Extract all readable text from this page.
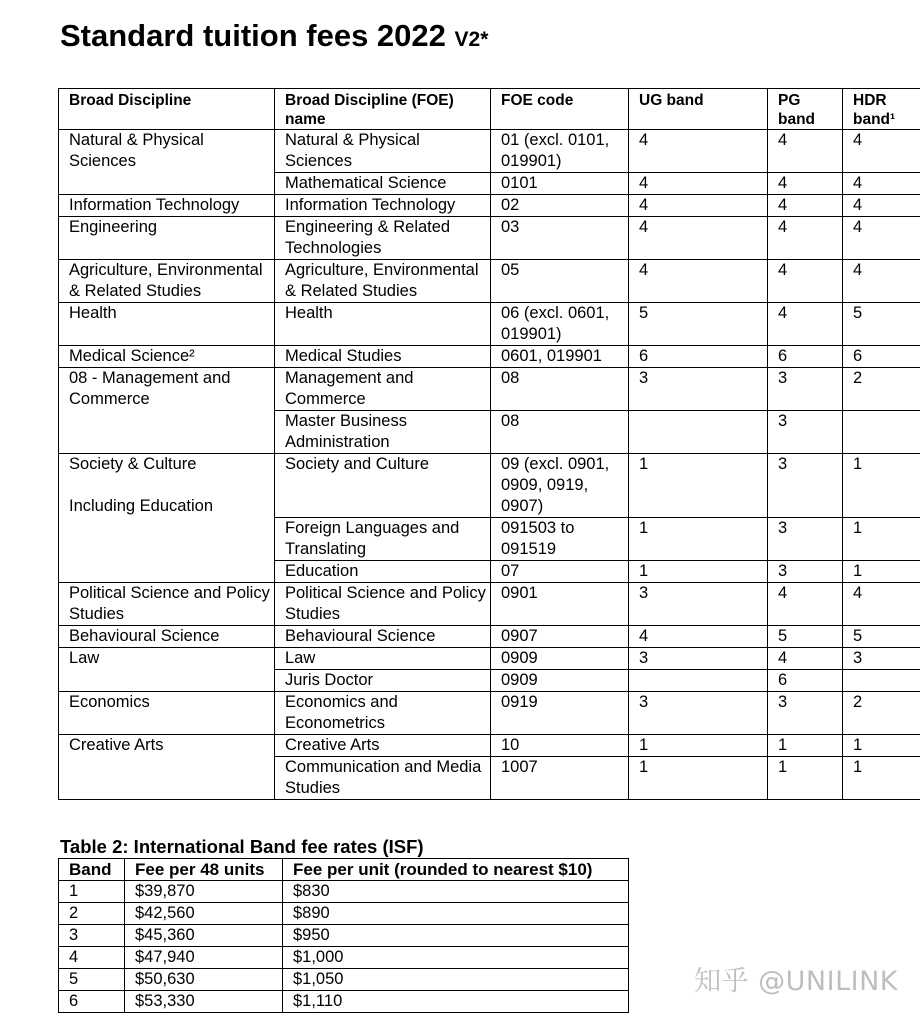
Standard tuition fees 2022 V2*
Broad Discipline	Broad Discipline (FOE) name	FOE code	UG band	PG band	HDR band¹
Natural & Physical Sciences	Natural & Physical Sciences	01 (excl. 0101, 019901)	4	4	4
	Mathematical Science	0101	4	4	4
Information Technology	Information Technology	02	4	4	4
Engineering	Engineering & Related Technologies	03	4	4	4
Agriculture, Environmental & Related Studies	Agriculture, Environmental & Related Studies	05	4	4	4
Health	Health	06 (excl. 0601, 019901)	5	4	5
Medical Science²	Medical Studies	0601, 019901	6	6	6
08 - Management and Commerce	Management and Commerce	08	3	3	2
	Master Business Administration	08		3	
Society & Culture
Including Education	Society and Culture	09 (excl. 0901, 0909, 0919, 0907)	1	3	1
	Foreign Languages and Translating	091503 to 091519	1	3	1
	Education	07	1	3	1
Political Science and Policy Studies	Political Science and Policy Studies	0901	3	4	4
Behavioural Science	Behavioural Science	0907	4	5	5
Law	Law	0909	3	4	3
	Juris Doctor	0909		6	
Economics	Economics and Econometrics	0919	3	3	2
Creative Arts	Creative Arts	10	1	1	1
	Communication and Media Studies	1007	1	1	1
Table 2: International Band fee rates (ISF)
Band	Fee per 48 units	Fee per unit (rounded to nearest $10)
1	$39,870	$830
2	$42,560	$890
3	$45,360	$950
4	$47,940	$1,000
5	$50,630	$1,050
6	$53,330	$1,110
知乎 @UNILINK
